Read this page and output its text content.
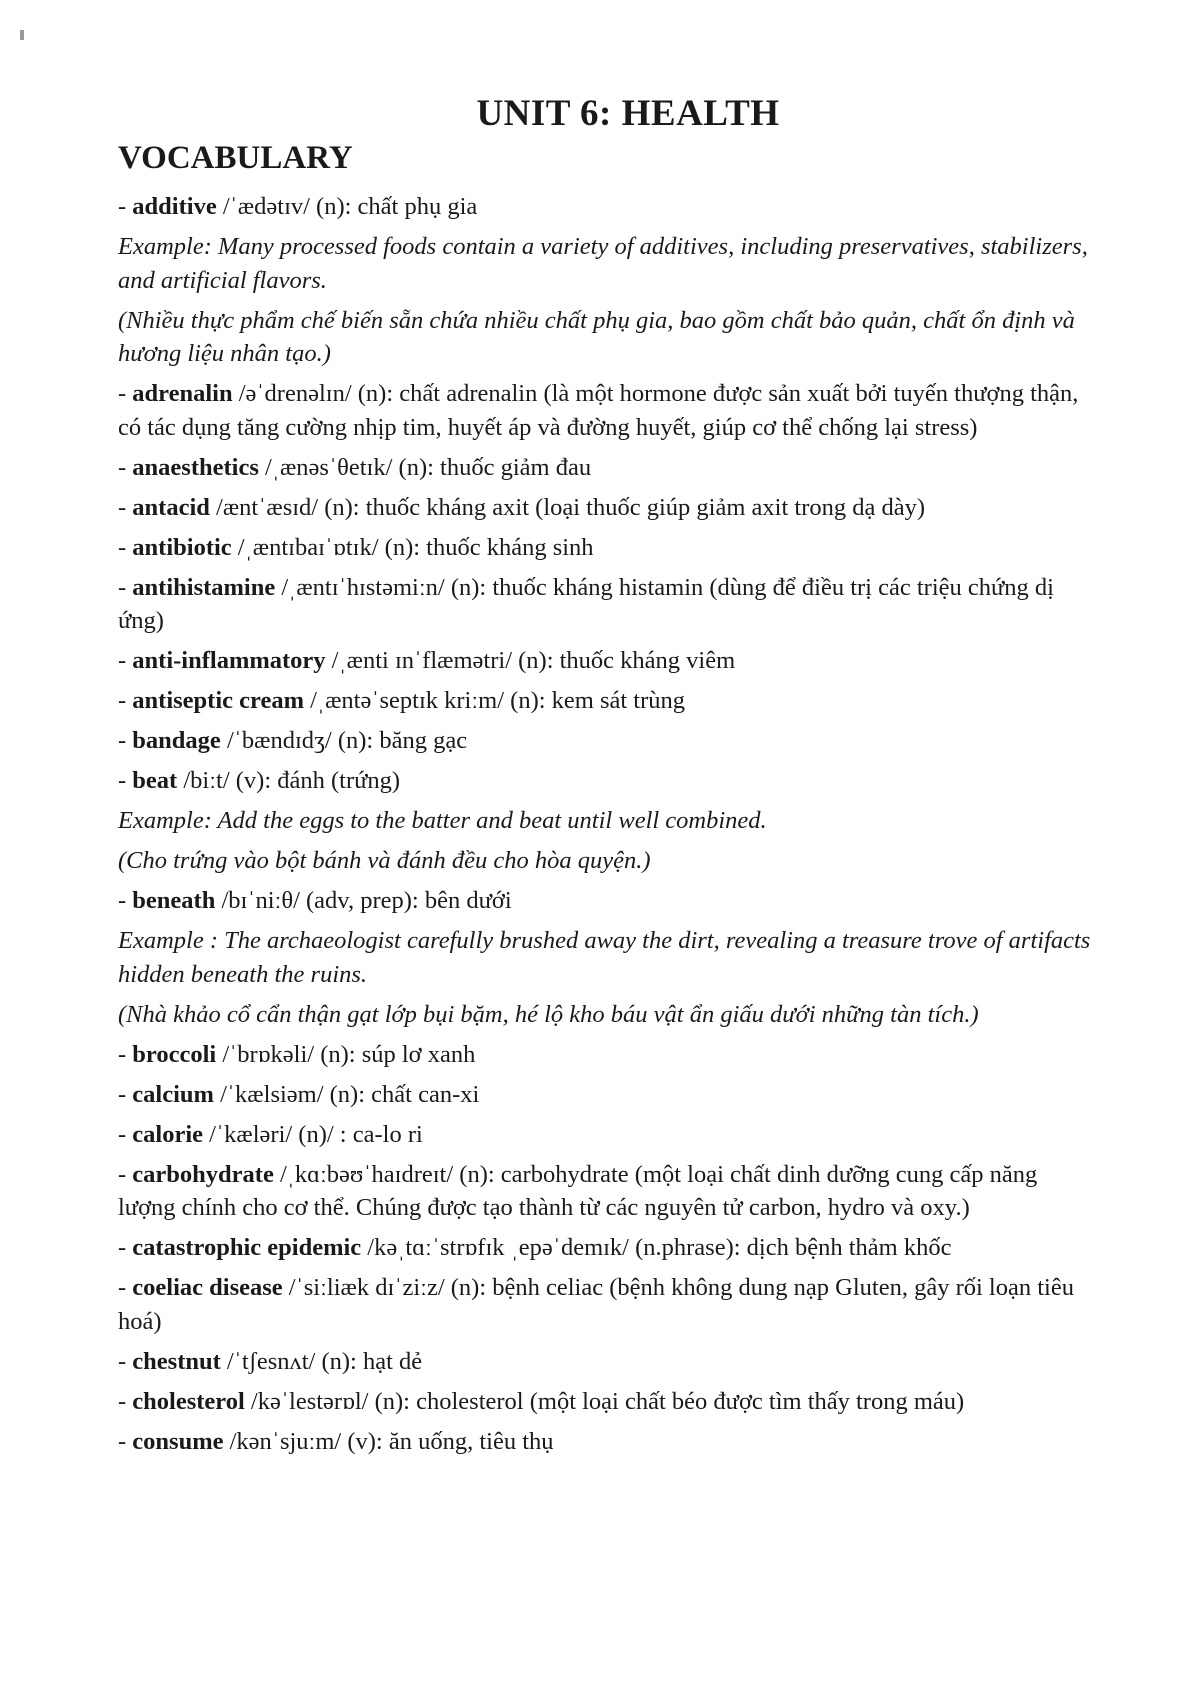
UNIT 6: HEALTH
VOCABULARY

- additive /ˈædətɪv/ (n): chất phụ gia

Example: Many processed foods contain a variety of additives, including preservatives, stabilizers, and artificial flavors.

(Nhiều thực phẩm chế biến sẵn chứa nhiều chất phụ gia, bao gồm chất bảo quản, chất ổn định và hương liệu nhân tạo.)

- adrenalin /əˈdrenəlɪn/ (n): chất adrenalin (là một hormone được sản xuất bởi tuyến thượng thận, có tác dụng tăng cường nhịp tim, huyết áp và đường huyết, giúp cơ thể chống lại stress)

- anaesthetics /ˌænəsˈθetɪk/ (n): thuốc giảm đau

- antacid /æntˈæsɪd/ (n): thuốc kháng axit (loại thuốc giúp giảm axit trong dạ dày)

- antibiotic /ˌæntɪbaɪˈɒtɪk/ (n): thuốc kháng sinh

- antihistamine /ˌæntɪˈhɪstəmiːn/ (n): thuốc kháng histamin (dùng để điều trị các triệu chứng dị ứng)

- anti-inflammatory /ˌænti ɪnˈflæmətri/ (n): thuốc kháng viêm

- antiseptic cream /ˌæntəˈseptɪk kriːm/ (n): kem sát trùng

- bandage /ˈbændɪdʒ/ (n): băng gạc

- beat /biːt/ (v): đánh (trứng)

Example: Add the eggs to the batter and beat until well combined.

(Cho trứng vào bột bánh và đánh đều cho hòa quyện.)

- beneath /bɪˈniːθ/ (adv, prep): bên dưới

Example : The archaeologist carefully brushed away the dirt, revealing a treasure trove of artifacts hidden beneath the ruins.

(Nhà khảo cổ cẩn thận gạt lớp bụi bặm, hé lộ kho báu vật ẩn giấu dưới những tàn tích.)

- broccoli /ˈbrɒkəli/ (n): súp lơ xanh

- calcium /ˈkælsiəm/ (n): chất can-xi

- calorie /ˈkæləri/ (n)/ : ca-lo ri

- carbohydrate /ˌkɑːbəʊˈhaɪdreɪt/ (n): carbohydrate (một loại chất dinh dưỡng cung cấp năng lượng chính cho cơ thể. Chúng được tạo thành từ các nguyên tử carbon, hydro và oxy.)

- catastrophic epidemic /kəˌtɑːˈstrɒfɪk ˌepəˈdemɪk/ (n.phrase): dịch bệnh thảm khốc

- coeliac disease /ˈsiːliæk dɪˈziːz/ (n): bệnh celiac (bệnh không dung nạp Gluten, gây rối loạn tiêu hoá)

- chestnut /ˈtʃesnʌt/ (n): hạt dẻ

- cholesterol /kəˈlestərɒl/ (n): cholesterol (một loại chất béo được tìm thấy trong máu)

- consume /kənˈsjuːm/ (v): ăn uống, tiêu thụ
